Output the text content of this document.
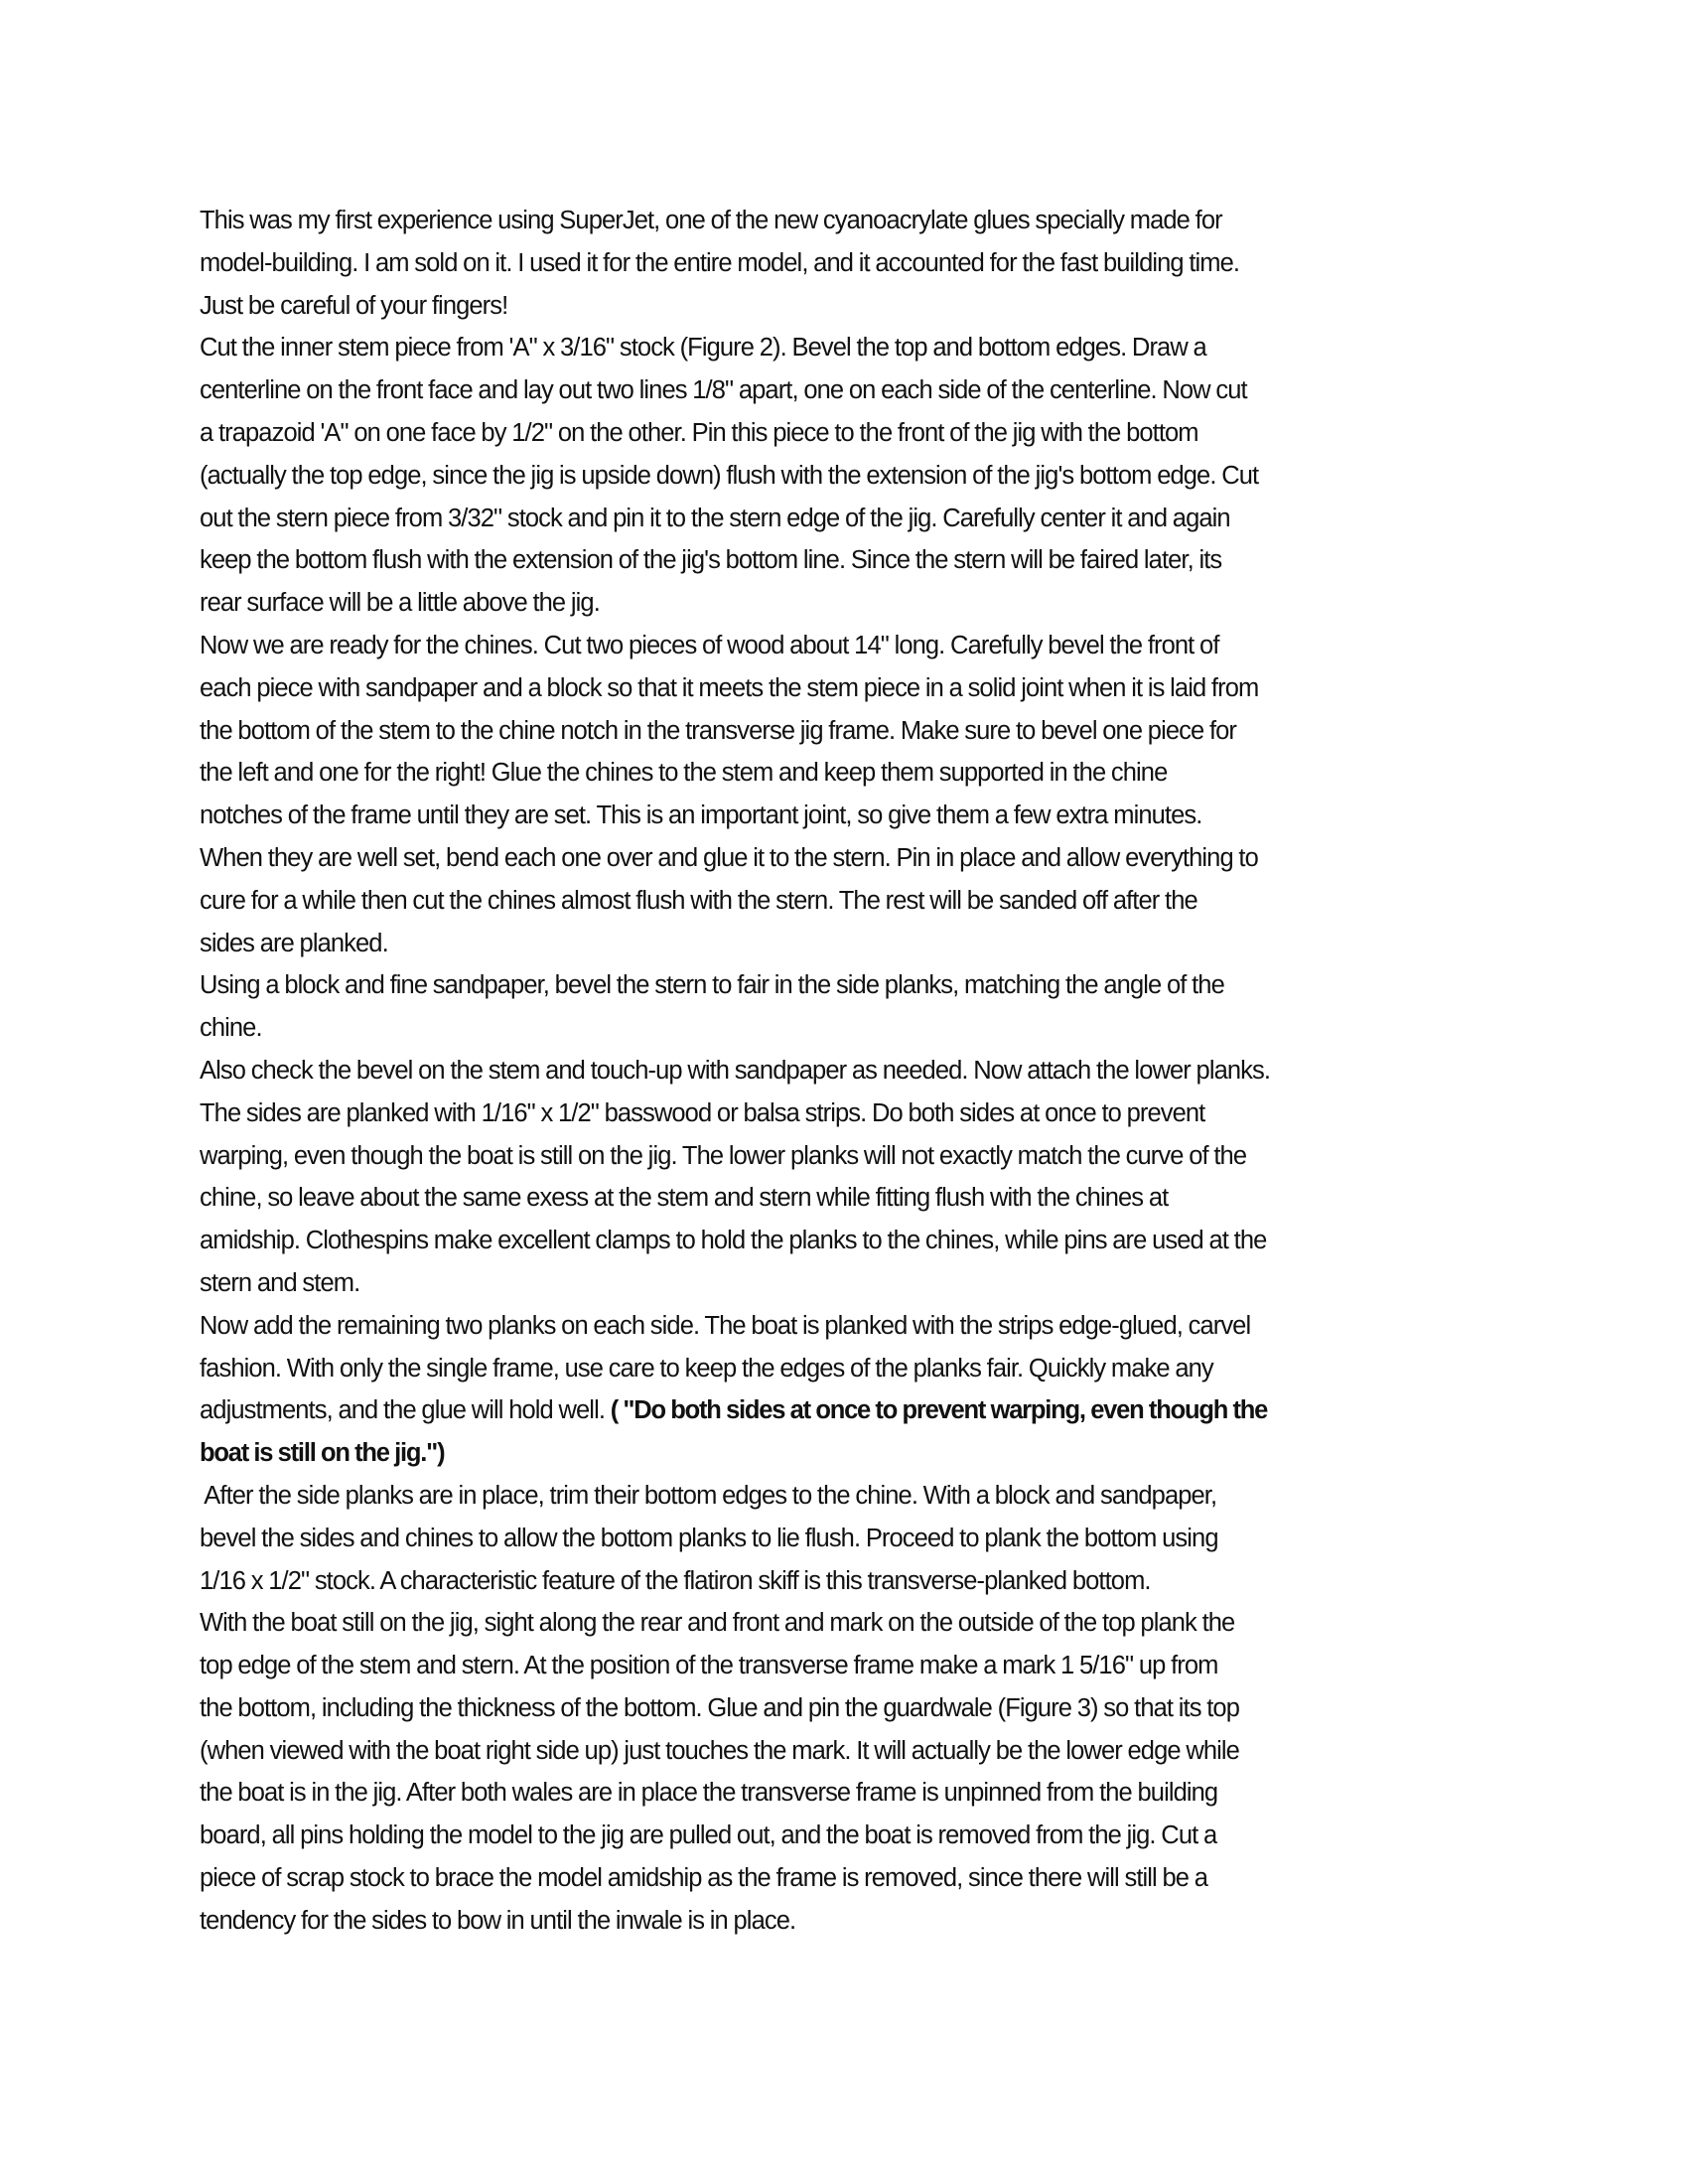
This was my first experience using SuperJet, one of the new cyanoacrylate glues specially made for
model-building. I am sold on it. I used it for the entire model, and it accounted for the fast building time.
Just be careful of your fingers!
Cut the inner stem piece from 'A" x 3/16" stock (Figure 2). Bevel the top and bottom edges. Draw a
centerline on the front face and lay out two lines 1/8" apart, one on each side of the centerline. Now cut
a trapazoid 'A" on one face by 1/2" on the other. Pin this piece to the front of the jig with the bottom
(actually the top edge, since the jig is upside down) flush with the extension of the jig's bottom edge. Cut
out the stern piece from 3/32" stock and pin it to the stern edge of the jig. Carefully center it and again
keep the bottom flush with the extension of the jig's bottom line. Since the stern will be faired later, its
rear surface will be a little above the jig.
Now we are ready for the chines. Cut two pieces of wood about 14" long. Carefully bevel the front of
each piece with sandpaper and a block so that it meets the stem piece in a solid joint when it is laid from
the bottom of the stem to the chine notch in the transverse jig frame. Make sure to bevel one piece for
the left and one for the right! Glue the chines to the stem and keep them supported in the chine
notches of the frame until they are set. This is an important joint, so give them a few extra minutes.
When they are well set, bend each one over and glue it to the stern. Pin in place and allow everything to
cure for a while then cut the chines almost flush with the stern. The rest will be sanded off after the
sides are planked.
Using a block and fine sandpaper, bevel the stern to fair in the side planks, matching the angle of the
chine.
Also check the bevel on the stem and touch-up with sandpaper as needed. Now attach the lower planks.
The sides are planked with 1/16" x 1/2" basswood or balsa strips. Do both sides at once to prevent
warping, even though the boat is still on the jig. The lower planks will not exactly match the curve of the
chine, so leave about the same exess at the stem and stern while fitting flush with the chines at
amidship. Clothespins make excellent clamps to hold the planks to the chines, while pins are used at the
stern and stem.
Now add the remaining two planks on each side. The boat is planked with the strips edge-glued, carvel
fashion. With only the single frame, use care to keep the edges of the planks fair. Quickly make any
adjustments, and the glue will hold well. ( "Do both sides at once to prevent warping, even though the
boat is still on the jig.")
After the side planks are in place, trim their bottom edges to the chine. With a block and sandpaper,
bevel the sides and chines to allow the bottom planks to lie flush. Proceed to plank the bottom using
1/16 x 1/2" stock. A characteristic feature of the flatiron skiff is this transverse-planked bottom.
With the boat still on the jig, sight along the rear and front and mark on the outside of the top plank the
top edge of the stem and stern. At the position of the transverse frame make a mark 1 5/16" up from
the bottom, including the thickness of the bottom. Glue and pin the guardwale (Figure 3) so that its top
(when viewed with the boat right side up) just touches the mark. It will actually be the lower edge while
the boat is in the jig. After both wales are in place the transverse frame is unpinned from the building
board, all pins holding the model to the jig are pulled out, and the boat is removed from the jig. Cut a
piece of scrap stock to brace the model amidship as the frame is removed, since there will still be a
tendency for the sides to bow in until the inwale is in place.
